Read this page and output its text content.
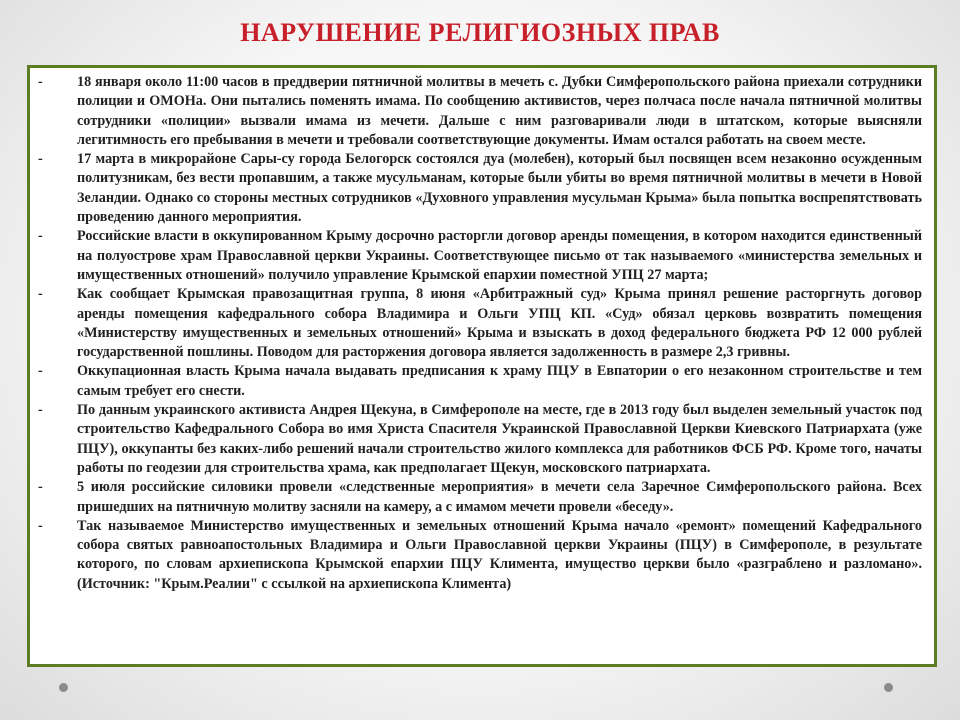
НАРУШЕНИЕ РЕЛИГИОЗНЫХ ПРАВ
-	18 января около 11:00 часов в преддверии пятничной молитвы в мечеть с. Дубки Симферопольского района приехали сотрудники полиции и ОМОНа. Они пытались поменять имама. По сообщению активистов, через полчаса после начала пятничной молитвы сотрудники «полиции» вызвали имама из мечети. Дальше с ним разговаривали люди в штатском, которые выясняли легитимность его пребывания в мечети и требовали соответствующие документы. Имам остался работать на своем месте.
-	17 марта в микрорайоне Сары-су города Белогорск состоялся дуа (молебен), который был посвящен всем незаконно осужденным политузникам, без вести пропавшим, а также мусульманам, которые были убиты во время пятничной молитвы в мечети в Новой Зеландии. Однако со стороны местных сотрудников «Духовного управления мусульман Крыма» была попытка воспрепятствовать проведению данного мероприятия.
-	Российские власти в оккупированном Крыму досрочно расторгли договор аренды помещения, в котором находится единственный на полуострове храм Православной церкви Украины. Соответствующее письмо от так называемого «министерства земельных и имущественных отношений» получило управление Крымской епархии поместной УПЦ 27 марта;
-	Как сообщает Крымская правозащитная группа, 8 июня «Арбитражный суд» Крыма принял решение расторгнуть договор аренды помещения кафедрального собора Владимира и Ольги УПЦ КП. «Суд» обязал церковь возвратить помещения «Министерству имущественных и земельных отношений» Крыма и взыскать в доход федерального бюджета РФ 12 000 рублей государственной пошлины. Поводом для расторжения договора является задолженность в размере 2,3 гривны.
-	Оккупационная власть Крыма начала выдавать предписания к храму ПЦУ в Евпатории о его незаконном строительстве и тем самым требует его снести.
-	По данным украинского активиста Андрея Щекуна, в Симферополе на месте, где в 2013 году был выделен земельный участок под строительство Кафедрального Собора во имя Христа Спасителя Украинской Православной Церкви Киевского Патриархата (уже ПЦУ), оккупанты без каких-либо решений начали строительство жилого комплекса для работников ФСБ РФ. Кроме того, начаты работы по геодезии для строительства храма, как предполагает Щекун, московского патриархата.
-	5 июля российские силовики провели «следственные мероприятия» в мечети села Заречное Симферопольского района. Всех пришедших на пятничную молитву засняли на камеру, а с имамом мечети провели «беседу».
-	Так называемое Министерство имущественных и земельных отношений Крыма начало «ремонт» помещений Кафедрального собора святых равноапостольных Владимира и Ольги Православной церкви Украины (ПЦУ) в Симферополе, в результате которого, по словам архиепископа Крымской епархии ПЦУ Климента, имущество церкви было «разграблено и разломано». (Источник: "Крым.Реалии" с ссылкой на архиепископа Климента)
